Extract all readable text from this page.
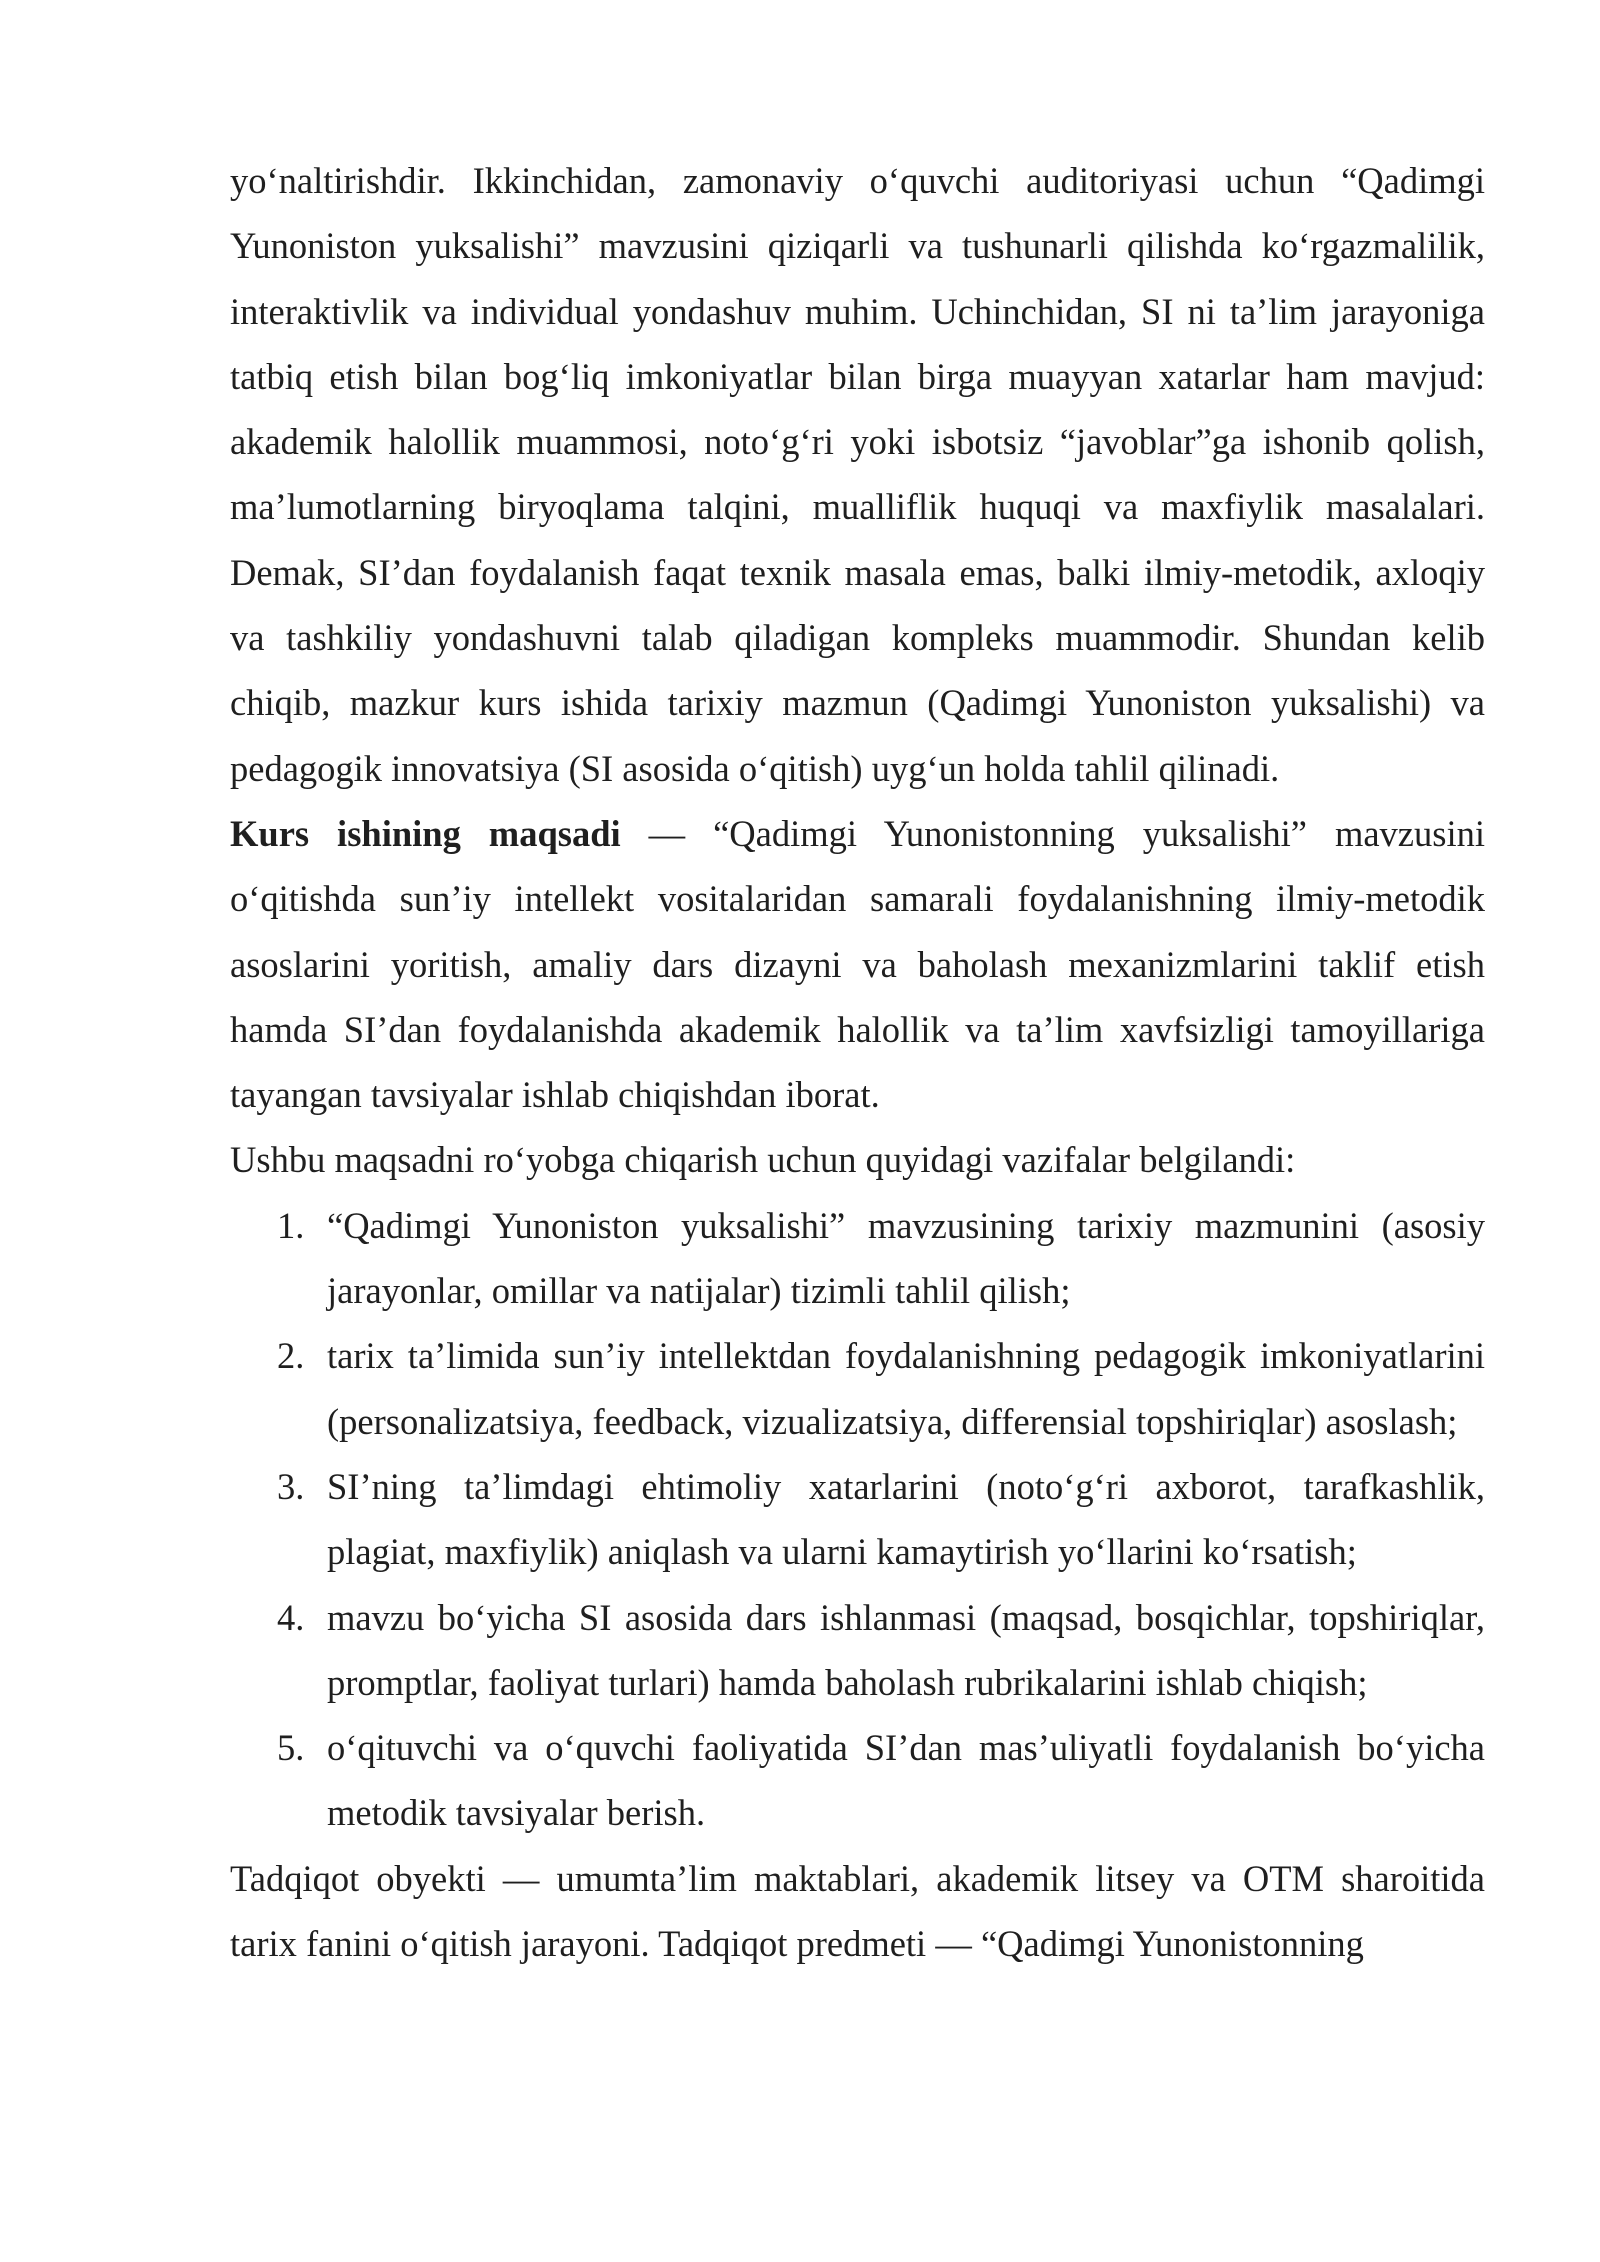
yo‘naltirishdir. Ikkinchidan, zamonaviy o‘quvchi auditoriyasi uchun “Qadimgi Yunoniston yuksalishi” mavzusini qiziqarli va tushunarli qilishda ko‘rgazmalilik, interaktivlik va individual yondashuv muhim. Uchinchidan, SI ni ta’lim jarayoniga tatbiq etish bilan bog‘liq imkoniyatlar bilan birga muayyan xatarlar ham mavjud: akademik halollik muammosi, noto‘g‘ri yoki isbotsiz “javoblar”ga ishonib qolish, ma’lumotlarning biryoqlama talqini, mualliflik huquqi va maxfiylik masalalari. Demak, SI’dan foydalanish faqat texnik masala emas, balki ilmiy-metodik, axloqiy va tashkiliy yondashuvni talab qiladigan kompleks muammodir. Shundan kelib chiqib, mazkur kurs ishida tarixiy mazmun (Qadimgi Yunoniston yuksalishi) va pedagogik innovatsiya (SI asosida o‘qitish) uyg‘un holda tahlil qilinadi.

Kurs ishining maqsadi — “Qadimgi Yunonistonning yuksalishi” mavzusini o‘qitishda sun’iy intellekt vositalaridan samarali foydalanishning ilmiy-metodik asoslarini yoritish, amaliy dars dizayni va baholash mexanizmlarini taklif etish hamda SI’dan foydalanishda akademik halollik va ta’lim xavfsizligi tamoyillariga tayangan tavsiyalar ishlab chiqishdan iborat.

Ushbu maqsadni ro‘yobga chiqarish uchun quyidagi vazifalar belgilandi:

1. “Qadimgi Yunoniston yuksalishi” mavzusining tarixiy mazmunini (asosiy jarayonlar, omillar va natijalar) tizimli tahlil qilish;
2. tarix ta’limida sun’iy intellektdan foydalanishning pedagogik imkoniyatlarini (personalizatsiya, feedback, vizualizatsiya, differensial topshiriqlar) asoslash;
3. SI’ning ta’limdagi ehtimoliy xatarlarini (noto‘g‘ri axborot, tarafkashlik, plagiat, maxfiylik) aniqlash va ularni kamaytirish yo‘llarini ko‘rsatish;
4. mavzu bo‘yicha SI asosida dars ishlanmasi (maqsad, bosqichlar, topshiriqlar, promptlar, faoliyat turlari) hamda baholash rubrikalarini ishlab chiqish;
5. o‘qituvchi va o‘quvchi faoliyatida SI’dan mas’uliyatli foydalanish bo‘yicha metodik tavsiyalar berish.

Tadqiqot obyekti — umumta’lim maktablari, akademik litsey va OTM sharoitida tarix fanini o‘qitish jarayoni. Tadqiqot predmeti — “Qadimgi Yunonistonning
